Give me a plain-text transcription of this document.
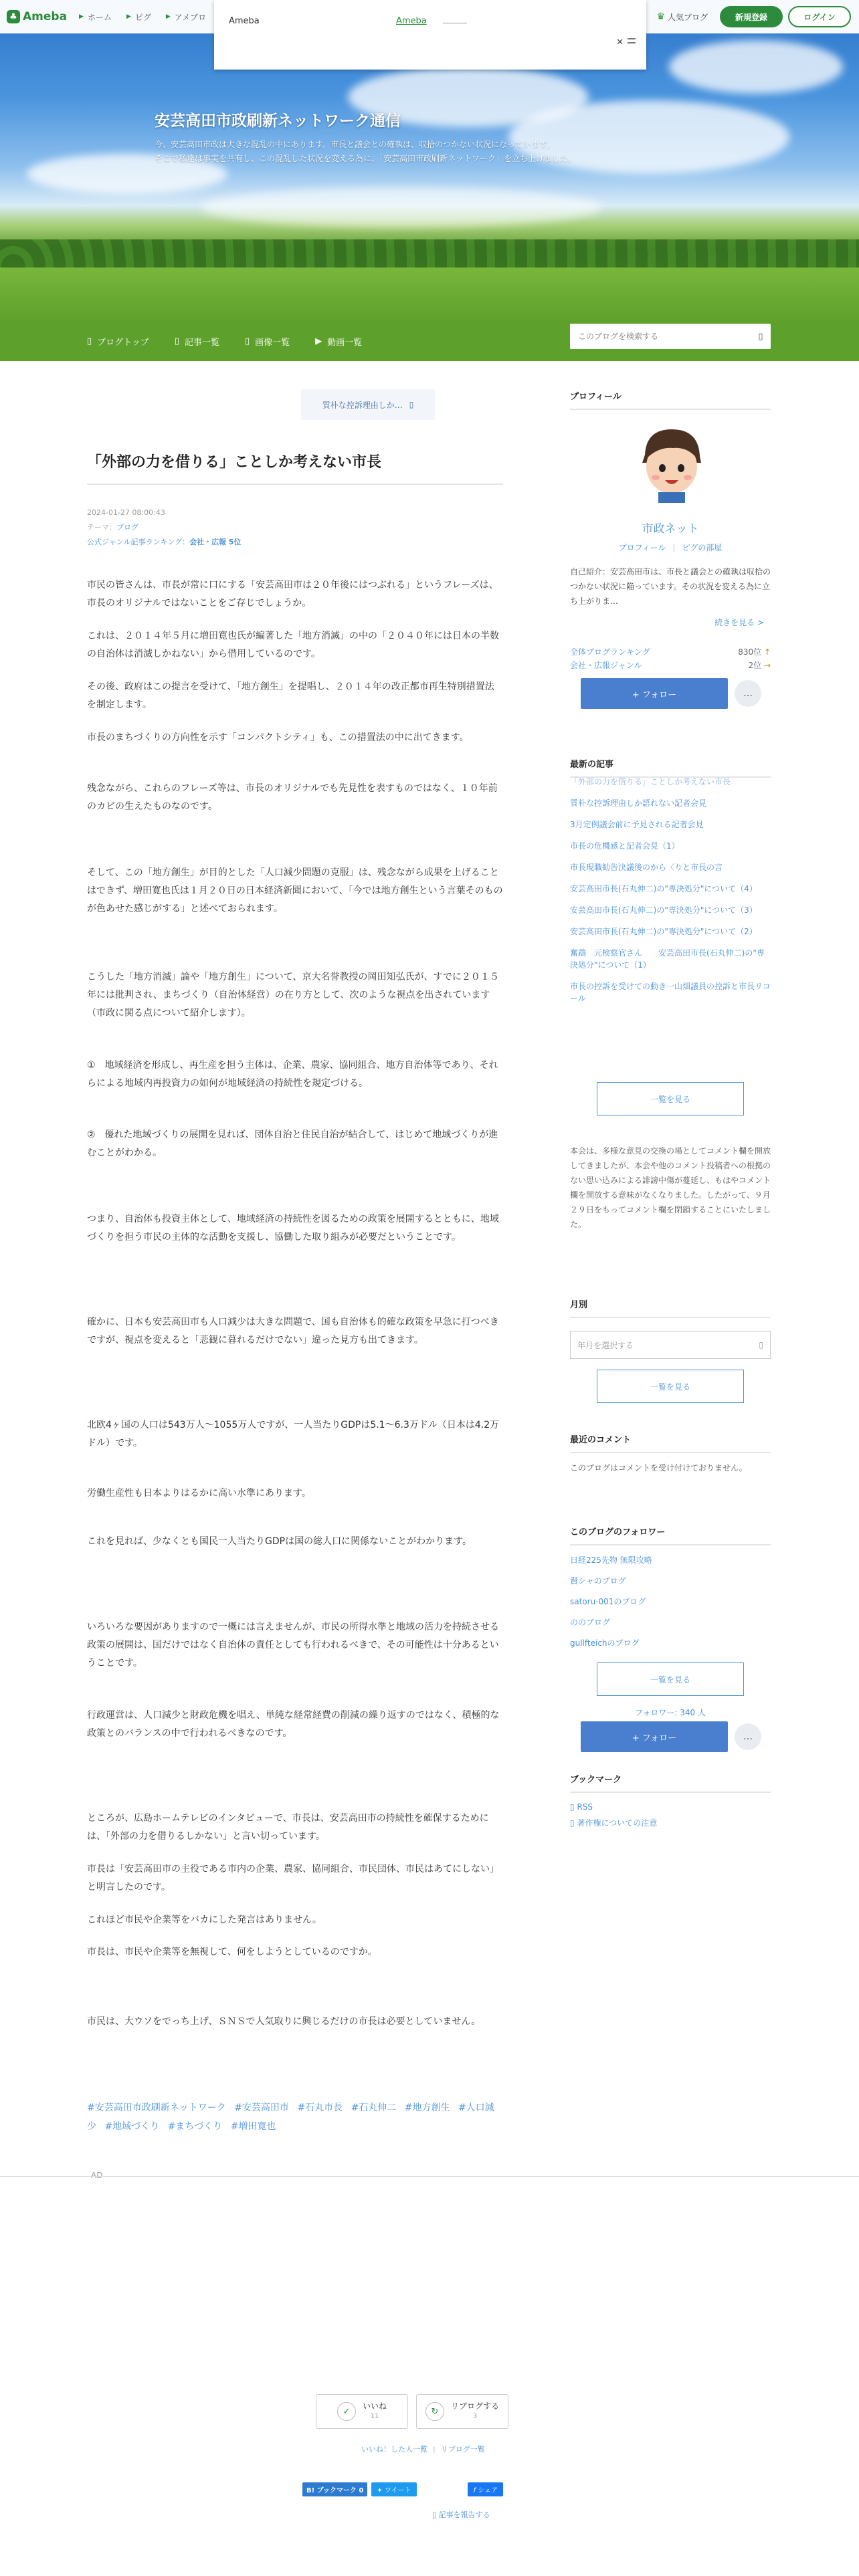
安芸高田市政刷新ネットワーク通信
今、安芸高田市政は大きな混乱の中にあります。市長と議会との確執は、収拾のつかない状況になっています。
そこで私達は事実を共有し、この混乱した状況を変える為に、「安芸高田市政刷新ネットワーク」を立ち上げました。
♣ Ameba ▶ ホーム ▶ ピグ ▶ アメブロ	♛ 人気ブログ	新規登録	ログイン
Ameba	Ameba
✕
▯ ブログトップ	▯ 記事一覧	▯ 画像一覧	▶ 動画一覧
このブログを検索する
▯
質朴な控訴理由しか… ▯
「外部の力を借りる」ことしか考えない市長
2024-01-27 08:00:43
テーマ：ブログ
公式ジャンル記事ランキング：会社・広報 5位

市民の皆さんは、市長が常に口にする「安芸高田市は２０年後にはつぶれる」というフレーズは、市長のオリジナルではないことをご存じでしょうか。

これは、２０１４年５月に増田寛也氏が編著した「地方消滅」の中の「２０４０年には日本の半数の自治体は消滅しかねない」から借用しているのです。

その後、政府はこの提言を受けて、「地方創生」を提唱し、２０１４年の改正都市再生特別措置法を制定します。

市長のまちづくりの方向性を示す「コンパクトシティ」も、この措置法の中に出てきます。

残念ながら、これらのフレーズ等は、市長のオリジナルでも先見性を表すものではなく、１０年前のカビの生えたものなのです。

そして、この「地方創生」が目的とした「人口減少問題の克服」は、残念ながら成果を上げることはできず、増田寛也氏は１月２０日の日本経済新聞において、「今では地方創生という言葉そのものが色あせた感じがする」と述べておられます。

こうした「地方消滅」論や「地方創生」について、京大名誉教授の岡田知弘氏が、すでに２０１５年には批判され、まちづくり（自治体経営）の在り方として、次のような視点を出されています（市政に関る点について紹介します）。

①　地域経済を形成し、再生産を担う主体は、企業、農家、協同組合、地方自治体等であり、それらによる地域内再投資力の如何が地域経済の持続性を規定づける。

②　優れた地域づくりの展開を見れば、団体自治と住民自治が結合して、はじめて地域づくりが進むことがわかる。

つまり、自治体も投資主体として、地域経済の持続性を図るための政策を展開するとともに、地域づくりを担う市民の主体的な活動を支援し、協働した取り組みが必要だということです。

確かに、日本も安芸高田市も人口減少は大きな問題で、国も自治体も的確な政策を早急に打つべきですが、視点を変えると「悲観に暮れるだけでない」違った見方も出てきます。

北欧4ヶ国の人口は543万人〜1055万人ですが、一人当たりGDPは5.1〜6.3万ドル（日本は4.2万ドル）です。

労働生産性も日本よりはるかに高い水準にあります。

これを見れば、少なくとも国民一人当たりGDPは国の総人口に関係ないことがわかります。

いろいろな要因がありますので一概には言えませんが、市民の所得水準と地域の活力を持続させる政策の展開は、国だけではなく自治体の責任としても行われるべきで、その可能性は十分あるということです。

行政運営は、人口減少と財政危機を唱え、単純な経常経費の削減の繰り返すのではなく、積極的な政策とのバランスの中で行われるべきなのです。

ところが、広島ホームテレビのインタビューで、市長は、安芸高田市の持続性を確保するためには、「外部の力を借りるしかない」と言い切っています。

市長は「安芸高田市の主役である市内の企業、農家、協同組合、市民団体、市民はあてにしない」と明言したのです。

これほど市民や企業等をバカにした発言はありません。

市長は、市民や企業等を無視して、何をしようとしているのですか。

市民は、大ウソをでっち上げ、ＳＮＳで人気取りに興じるだけの市長は必要としていません。

#安芸高田市政刷新ネットワーク #安芸高田市 #石丸市長 #石丸伸二 #地方創生 #人口減少 #地域づくり #まちづくり #増田寛也
AD
✓
いいね
11	↻
リブログする
3
いいね！した人一覧 | リブログ一覧
B! ブックマーク 0	✦ ツイート	f シェア
▯ 記事を報告する
プロフィール
市政ネット
プロフィール | ピグの部屋
自己紹介：安芸高田市は、市長と議会との確執は収拾のつかない状況に陥っています。その状況を変える為に立ち上がりま…
続きを見る >
全体ブログランキング	830位 ↑
会社・広報ジャンル	2位 →
+ フォロー	…
最新の記事
「外部の力を借りる」ことしか考えない市長
質朴な控訴理由しか語れない記者会見
3月定例議会前に予見される記者会見
市長の危機感と記者会見（1）
市長現職勧告決議後のから〈りと市長の言
安芸高田市長(石丸伸二)の"専決処分"について（4）
安芸高田市長(石丸伸二)の"専決処分"について（3）
安芸高田市長(石丸伸二)の"専決処分"について（2）
奮鵡　元検察官さん　　安芸高田市長(石丸伸二)の"専決処分"について（1）
市長の控訴を受けての動き一山畑議員の控訴と市長リコール
一覧を見る
本会は、多様な意見の交換の場としてコメント欄を開放してきましたが、本会や他のコメント投稿者への根拠のない思い込みによる誹謗中傷が蔓延し、もはやコメント欄を開放する意味がなくなりました。したがって、９月２９日をもってコメント欄を閉鎖することにいたしました。
月別
年月を選択する	▯
一覧を見る
最近のコメント
このブログはコメントを受け付けておりません。
このブログのフォロワー
日経225先物 無限攻略
賢シャのブログ
satoru-001のブログ
ののブログ
gullfteichのブログ
一覧を見る
フォロワー: 340 人
+ フォロー	…
ブックマーク
▯ RSS
▯ 著作権についての注意
